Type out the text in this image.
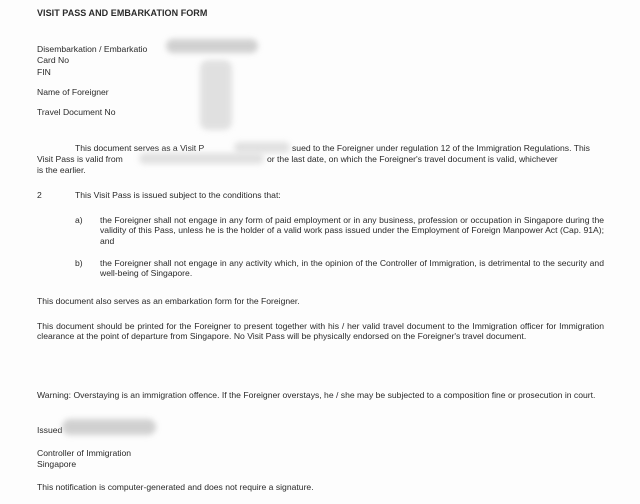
VISIT PASS AND EMBARKATION FORM
Disembarkation / Embarkatio
Card No
FIN
Name of Foreigner
Travel Document No
This document serves as a Visit P	sued to the Foreigner under regulation 12 of the Immigration Regulations. This
Visit Pass is valid from	or the last date, on which the Foreigner's travel document is valid, whichever
is the earlier.
2	This Visit Pass is issued subject to the conditions that:
a) the Foreigner shall not engage in any form of paid employment or in any business, profession or occupation in Singapore during the validity of this Pass, unless he is the holder of a valid work pass issued under the Employment of Foreign Manpower Act (Cap. 91A); and
b) the Foreigner shall not engage in any activity which, in the opinion of the Controller of Immigration, is detrimental to the security and well-being of Singapore.
This document also serves as an embarkation form for the Foreigner.
This document should be printed for the Foreigner to present together with his / her valid travel document to the Immigration officer for Immigration clearance at the point of departure from Singapore. No Visit Pass will be physically endorsed on the Foreigner's travel document.
Warning: Overstaying is an immigration offence. If the Foreigner overstays, he / she may be subjected to a composition fine or prosecution in court.
Issued
Controller of Immigration
Singapore
This notification is computer-generated and does not require a signature.
